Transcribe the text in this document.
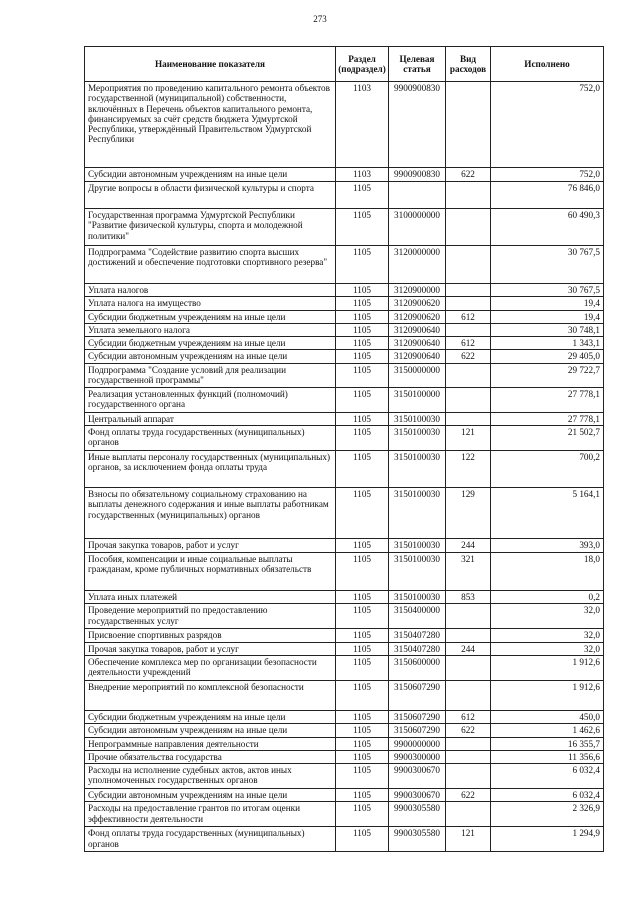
273
Наименование показателя	Раздел (подраздел)	Целевая статья	Вид расходов	Исполнено
Мероприятия по проведению капитального ремонта объектов государственной (муниципальной) собственности, включённых в Перечень объектов капитального ремонта, финансируемых за счёт средств бюджета Удмуртской Республики, утверждённый Правительством Удмуртской Республики	1103	9900900830		752,0
Субсидии автономным учреждениям на иные цели	1103	9900900830	622	752,0
Другие вопросы в области физической культуры и спорта	1105			76 846,0
Государственная программа Удмуртской Республики "Развитие физической культуры, спорта и молодежной политики"	1105	3100000000		60 490,3
Подпрограмма "Содействие развитию спорта высших достижений и обеспечение подготовки спортивного резерва"	1105	3120000000		30 767,5
Уплата налогов	1105	3120900000		30 767,5
Уплата налога на имущество	1105	3120900620		19,4
Субсидии бюджетным учреждениям на иные цели	1105	3120900620	612	19,4
Уплата земельного налога	1105	3120900640		30 748,1
Субсидии бюджетным учреждениям на иные цели	1105	3120900640	612	1 343,1
Субсидии автономным учреждениям на иные цели	1105	3120900640	622	29 405,0
Подпрограмма "Создание условий для реализации государственной программы"	1105	3150000000		29 722,7
Реализация установленных функций (полномочий) государственного органа	1105	3150100000		27 778,1
Центральный аппарат	1105	3150100030		27 778,1
Фонд оплаты труда государственных (муниципальных) органов	1105	3150100030	121	21 502,7
Иные выплаты персоналу государственных (муниципальных) органов, за исключением фонда оплаты труда	1105	3150100030	122	700,2
Взносы по обязательному социальному страхованию на выплаты денежного содержания и иные выплаты работникам государственных (муниципальных) органов	1105	3150100030	129	5 164,1
Прочая закупка товаров, работ и услуг	1105	3150100030	244	393,0
Пособия, компенсации и иные социальные выплаты гражданам, кроме публичных нормативных обязательств	1105	3150100030	321	18,0
Уплата иных платежей	1105	3150100030	853	0,2
Проведение мероприятий по предоставлению государственных услуг	1105	3150400000		32,0
Присвоение спортивных разрядов	1105	3150407280		32,0
Прочая закупка товаров, работ и услуг	1105	3150407280	244	32,0
Обеспечение комплекса мер по организации безопасности деятельности учреждений	1105	3150600000		1 912,6
Внедрение мероприятий по комплексной безопасности	1105	3150607290		1 912,6
Субсидии бюджетным учреждениям на иные цели	1105	3150607290	612	450,0
Субсидии автономным учреждениям на иные цели	1105	3150607290	622	1 462,6
Непрограммные направления деятельности	1105	9900000000		16 355,7
Прочие обязательства государства	1105	9900300000		11 356,6
Расходы на исполнение судебных актов, актов иных уполномоченных государственных органов	1105	9900300670		6 032,4
Субсидии автономным учреждениям на иные цели	1105	9900300670	622	6 032,4
Расходы на предоставление грантов по итогам оценки эффективности деятельности	1105	9900305580		2 326,9
Фонд оплаты труда государственных (муниципальных) органов	1105	9900305580	121	1 294,9
